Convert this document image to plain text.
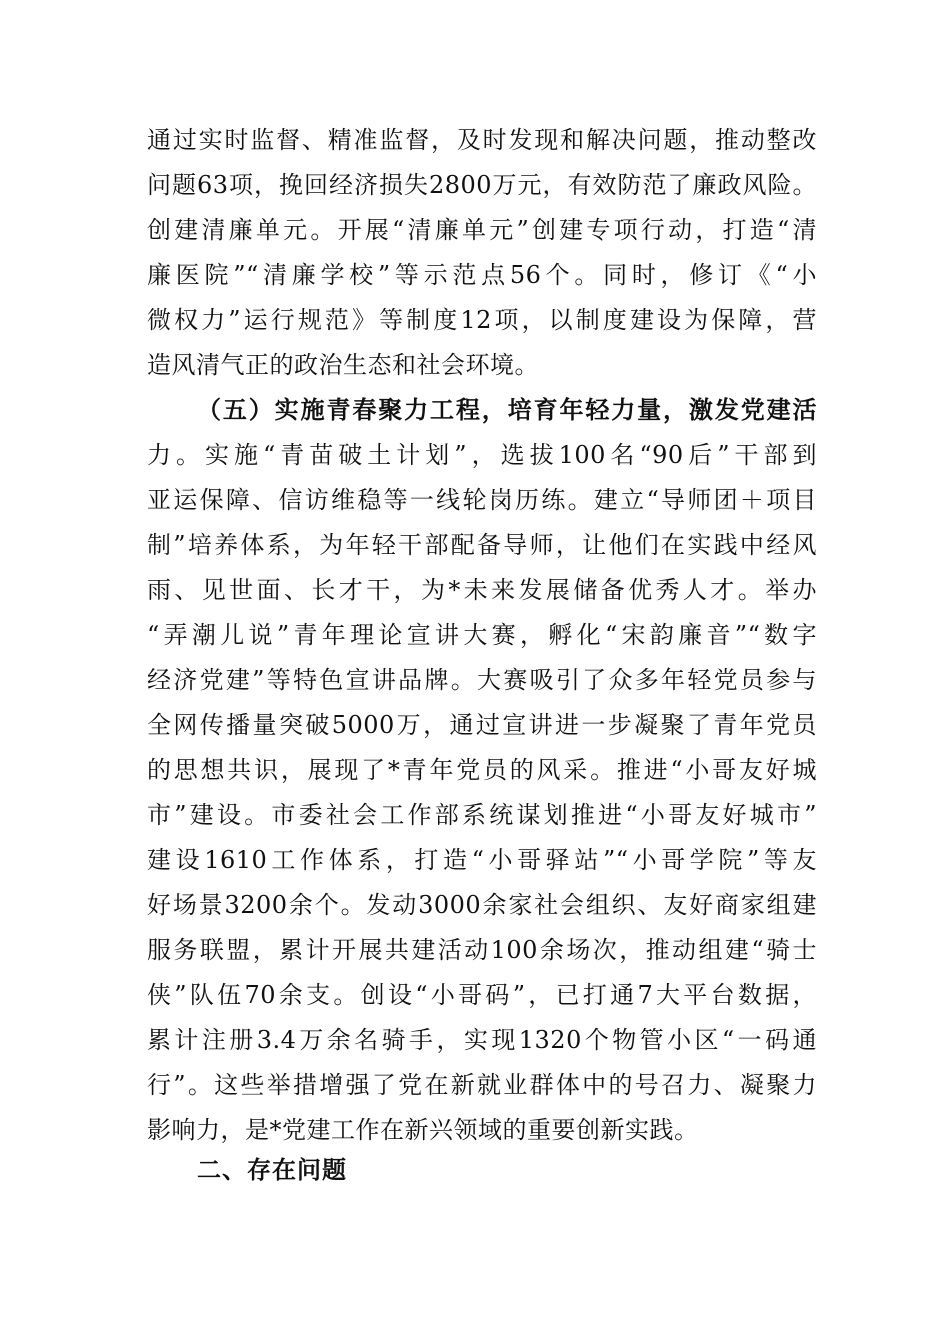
通过实时监督、精准监督，及时发现和解决问题，推动整改
问题63项，挽回经济损失2800万元，有效防范了廉政风险。
创建清廉单元。开展“清廉单元”创建专项行动，打造“清
廉医院”“清廉学校”等示范点56个。同时，修订《“小
微权力”运行规范》等制度12项，以制度建设为保障，营
造风清气正的政治生态和社会环境。
（五）实施青春聚力工程，培育年轻力量，激发党建活
力。实施“青苗破土计划”，选拔100名“90后”干部到
亚运保障、信访维稳等一线轮岗历练。建立“导师团＋项目
制”培养体系，为年轻干部配备导师，让他们在实践中经风
雨、见世面、长才干，为*未来发展储备优秀人才。举办
“弄潮儿说”青年理论宣讲大赛，孵化“宋韵廉音”“数字
经济党建”等特色宣讲品牌。大赛吸引了众多年轻党员参与
全网传播量突破5000万，通过宣讲进一步凝聚了青年党员
的思想共识，展现了*青年党员的风采。推进“小哥友好城
市”建设。市委社会工作部系统谋划推进“小哥友好城市”
建设1610工作体系，打造“小哥驿站”“小哥学院”等友
好场景3200余个。发动3000余家社会组织、友好商家组建
服务联盟，累计开展共建活动100余场次，推动组建“骑士
侠”队伍70余支。创设“小哥码”，已打通7大平台数据，
累计注册3.4万余名骑手，实现1320个物管小区“一码通
行”。这些举措增强了党在新就业群体中的号召力、凝聚力
影响力，是*党建工作在新兴领域的重要创新实践。
二、存在问题
